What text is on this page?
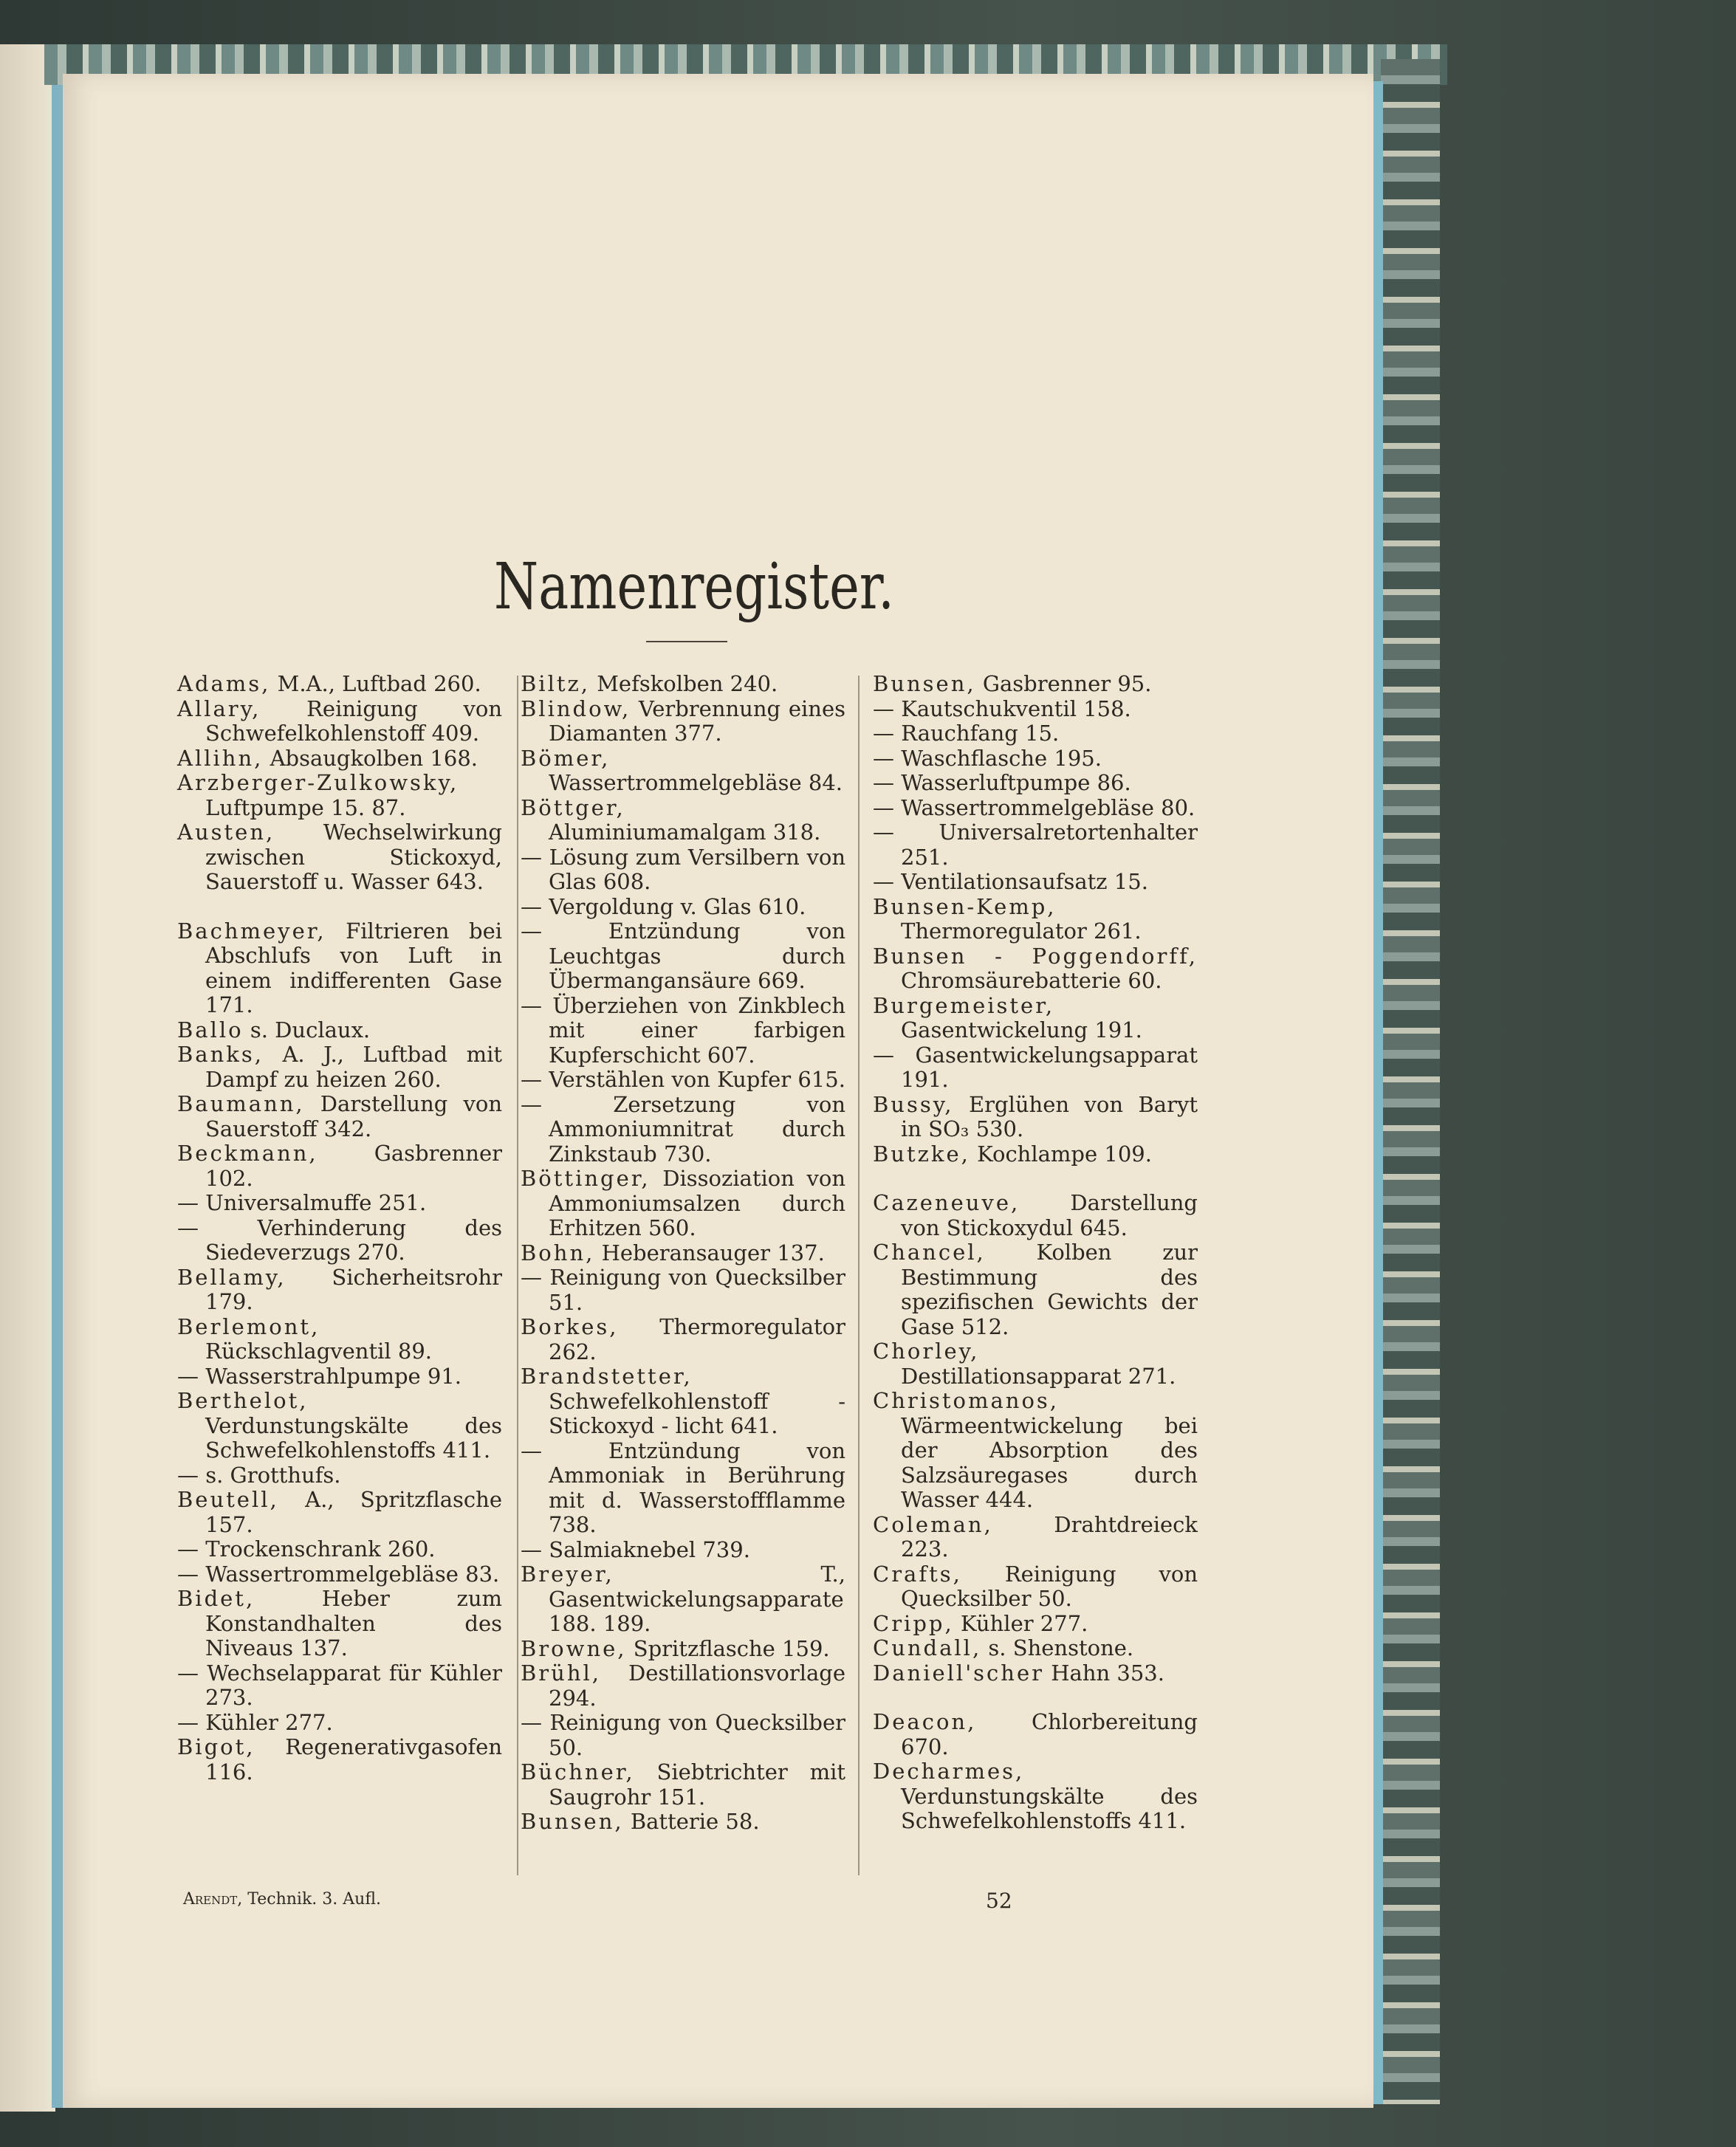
Namenregister.

Adams, M.A., Luftbad 260.

Allary, Reinigung von Schwefelkohlenstoff 409.

Allihn, Absaugkolben 168.

Arzberger-Zulkowsky, Luftpumpe 15. 87.

Austen, Wechselwirkung zwischen Stickoxyd, Sauerstoff u. Wasser 643.

Bachmeyer, Filtrieren bei Abschlufs von Luft in einem indifferenten Gase 171.

Ballo s. Duclaux.

Banks, A. J., Luftbad mit Dampf zu heizen 260.

Baumann, Darstellung von Sauerstoff 342.

Beckmann,	Gasbrenner 102.

— Universalmuffe 251.

— Verhinderung des Siedeverzugs 270.

Bellamy, Sicherheitsrohr 179.

Berlemont, Rückschlagventil 89.

— Wasserstrahlpumpe 91.

Berthelot, Verdunstungskälte des Schwefelkohlenstoffs 411.

— s. Grotthufs.

Beutell, A., Spritzflasche 157.

— Trockenschrank 260.

— Wassertrommelgebläse 83.

Bidet,	Heber zum Konstandhalten des Niveaus 137.

— Wechselapparat für Kühler 273.

— Kühler 277.

Bigot, Regenerativgasofen 116.

Biltz, Mefskolben 240.

Blindow, Verbrennung eines Diamanten 377.

Bömer, Wassertrommelgebläse 84.

Böttger, Aluminiumamalgam 318.

— Lösung zum Versilbern von Glas 608.

— Vergoldung v. Glas 610.

— Entzündung von Leuchtgas durch Übermangansäure 669.

— Überziehen von Zinkblech mit einer farbigen Kupferschicht 607.

— Verstählen von Kupfer 615.

— Zersetzung von Ammoniumnitrat durch Zinkstaub 730.

Böttinger, Dissoziation von Ammoniumsalzen durch Erhitzen 560.

Bohn, Heberansauger 137.

— Reinigung von Quecksilber 51.

Borkes, Thermoregulator 262.

Brandstetter, Schwefelkohlenstoff - Stickoxyd - licht 641.

— Entzündung von Ammoniak in Berührung mit d. Wasserstoffflamme 738.

— Salmiaknebel 739.

Breyer,	T., Gasentwickelungsapparate 188. 189.

Browne, Spritzflasche 159.

Brühl, Destillationsvorlage 294.

— Reinigung von Quecksilber 50.

Büchner, Siebtrichter mit Saugrohr 151.

Bunsen, Batterie 58.

Bunsen, Gasbrenner 95.

— Kautschukventil 158.

— Rauchfang 15.

— Waschflasche 195.

— Wasserluftpumpe 86.

— Wassertrommelgebläse 80.

— Universalretortenhalter 251.

— Ventilationsaufsatz 15.

Bunsen-Kemp, Thermoregulator 261.

Bunsen - Poggendorff, Chromsäurebatterie 60.

Burgemeister, Gasentwickelung 191.

— Gasentwickelungsapparat 191.

Bussy, Erglühen von Baryt in SO₃ 530.

Butzke, Kochlampe 109.

Cazeneuve, Darstellung von Stickoxydul 645.

Chancel, Kolben zur Bestimmung des spezifischen Gewichts der Gase 512.

Chorley, Destillationsapparat 271.

Christomanos, Wärmeentwickelung bei der Absorption des Salzsäuregases durch Wasser 444.

Coleman,	Drahtdreieck 223.

Crafts, Reinigung von Quecksilber 50.

Cripp, Kühler 277.

Cundall, s. Shenstone.

Daniell'scher Hahn 353.

Deacon,	Chlorbereitung 670.

Decharmes, Verdunstungskälte des Schwefelkohlenstoffs 411.

Arendt, Technik. 3. Aufl.	52
